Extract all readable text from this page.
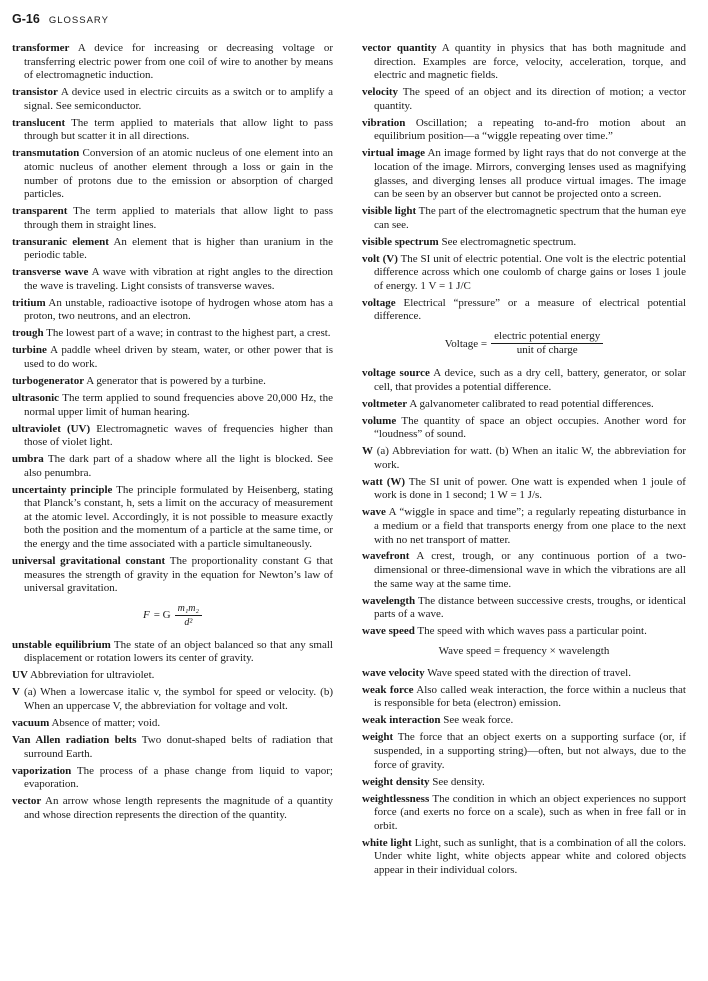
G-16 GLOSSARY

transformer A device for increasing or decreasing voltage or transferring electric power from one coil of wire to another by means of electromagnetic induction.

transistor A device used in electric circuits as a switch or to amplify a signal. See semiconductor.

translucent The term applied to materials that allow light to pass through but scatter it in all directions.

transmutation Conversion of an atomic nucleus of one element into an atomic nucleus of another element through a loss or gain in the number of protons due to the emission or absorption of charged particles.

transparent The term applied to materials that allow light to pass through them in straight lines.

transuranic element An element that is higher than uranium in the periodic table.

transverse wave A wave with vibration at right angles to the direction the wave is traveling. Light consists of transverse waves.

tritium An unstable, radioactive isotope of hydrogen whose atom has a proton, two neutrons, and an electron.

trough The lowest part of a wave; in contrast to the highest part, a crest.

turbine A paddle wheel driven by steam, water, or other power that is used to do work.

turbogenerator A generator that is powered by a turbine.

ultrasonic The term applied to sound frequencies above 20,000 Hz, the normal upper limit of human hearing.

ultraviolet (UV) Electromagnetic waves of frequencies higher than those of violet light.

umbra The dark part of a shadow where all the light is blocked. See also penumbra.

uncertainty principle The principle formulated by Heisenberg, stating that Planck’s constant, h, sets a limit on the accuracy of measurement at the atomic level. Accordingly, it is not possible to measure exactly both the position and the momentum of a particle at the same time, or the energy and the time associated with a particle simultaneously.

universal gravitational constant The proportionality constant G that measures the strength of gravity in the equation for Newton’s law of universal gravitation.

F = G $\frac{\text{m₁m₂}}{\text{d²}}$

unstable equilibrium The state of an object balanced so that any small displacement or rotation lowers its center of gravity.

UV Abbreviation for ultraviolet.

V (a) When a lowercase italic v, the symbol for speed or velocity. (b) When an uppercase V, the abbreviation for voltage and volt.

vacuum Absence of matter; void.

Van Allen radiation belts Two donut-shaped belts of radiation that surround Earth.

vaporization The process of a phase change from liquid to vapor; evaporation.

vector An arrow whose length represents the magnitude of a quantity and whose direction represents the direction of the quantity.

vector quantity A quantity in physics that has both magnitude and direction. Examples are force, velocity, acceleration, torque, and electric and magnetic fields.

velocity The speed of an object and its direction of motion; a vector quantity.

vibration Oscillation; a repeating to-and-fro motion about an equilibrium position—a “wiggle repeating over time.”

virtual image An image formed by light rays that do not converge at the location of the image. Mirrors, converging lenses used as magnifying glasses, and diverging lenses all produce virtual images. The image can be seen by an observer but cannot be projected onto a screen.

visible light The part of the electromagnetic spectrum that the human eye can see.

visible spectrum See electromagnetic spectrum.

volt (V) The SI unit of electric potential. One volt is the electric potential difference across which one coulomb of charge gains or loses 1 joule of energy. 1 V = 1 J/C

voltage Electrical “pressure” or a measure of electrical potential difference.

Voltage = $\frac{\text{electric potential energy}}{\text{unit of charge}}$

voltage source A device, such as a dry cell, battery, generator, or solar cell, that provides a potential difference.

voltmeter A galvanometer calibrated to read potential differences.

volume The quantity of space an object occupies. Another word for “loudness” of sound.

W (a) Abbreviation for watt. (b) When an italic W, the abbreviation for work.

watt (W) The SI unit of power. One watt is expended when 1 joule of work is done in 1 second; 1 W = 1 J/s.

wave A “wiggle in space and time”; a regularly repeating disturbance in a medium or a field that transports energy from one place to the next with no net transport of matter.

wavefront A crest, trough, or any continuous portion of a two-dimensional or three-dimensional wave in which the vibrations are all the same way at the same time.

wavelength The distance between successive crests, troughs, or identical parts of a wave.

wave speed The speed with which waves pass a particular point.

Wave speed = frequency × wavelength

wave velocity Wave speed stated with the direction of travel.

weak force Also called weak interaction, the force within a nucleus that is responsible for beta (electron) emission.

weak interaction See weak force.

weight The force that an object exerts on a supporting surface (or, if suspended, in a supporting string)—often, but not always, due to the force of gravity.

weight density See density.

weightlessness The condition in which an object experiences no support force (and exerts no force on a scale), such as when in free fall or in orbit.

white light Light, such as sunlight, that is a combination of all the colors. Under white light, white objects appear white and colored objects appear in their individual colors.
